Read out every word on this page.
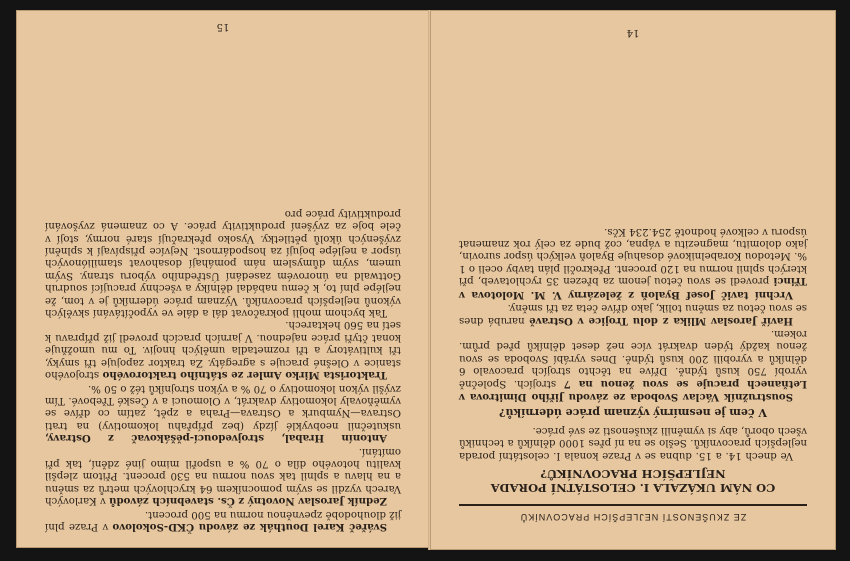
15

Svářeč Karel Douthák ze závodu ČKD-Sokolovo v Praze plní již dlouhodobě zpevněnou normu na 500 procent.

Zedník Jaroslav Novotný z Čs. stavebních závodů v Karlových Varech vyzdil se svým pomocníkem 64 krychlových metrů za směnu a na hlavu a splnil tak svou normu na 530 procent. Přitom zlepšil kvalitu hotového díla o 70 % a uspořil mimo jiné zdění, tak při omítání.

Antonín Hrabal, strojvedoucí-pěšákovač z Ostravy, uskutečnil neobvyklé jízdy (bez přípřahu lokomotivy) na trati Ostrava—Nymburk a Ostrava—Praha a zpět, zatím co dříve se vyměňovaly lokomotivy dvakrát, v Olomouci a v České Třebové. Tím zvýšil výkon lokomotivy o 70 % a výkon strojníků též o 50 %.

Traktorista Mirko Amler ze státního traktorového strojového stanice v Olešné pracuje s agregáty. Za traktor zapojuje tři smyky, tři kultivátory a tři rozmetadla umělých hnojiv. To mu umožňuje konat čtyři práce najednou. V jarních pracích provedl již přípravu k setí na 560 hektarech.

Tak bychom mohli pokračovat dál a dále ve vypočítávání skvělých výkonů nejlepších pracovníků. Význam práce úderníků je v tom, že nejlépe plní to, k čemu nabádal dělníky a všechny pracující soudruh Gottwald na únorovém zasedání Ústředního výboru strany. Svým umem, svým důmyslem nám pomáhají dosahovat stamiliónových úspor a nejlépe bojují za hospodárnost. Nejvíce přispívají k splnění zvýšených úkolů pětiletky. Vysoko překračují staré normy, stojí v čele boje za zvýšení produktivity práce. A co znamená zvyšování produktivity práce pro

ZE ZKUŠENOSTÍ NEJLEPŠÍCH PRACOVNÍKŮ
CO NÁM UKÁZALA I. CELOSTÁTNÍ PORADA NEJLEPŠÍCH PRACOVNÍKŮ?

Ve dnech 14. a 15. dubna se v Praze konala I. celostátní porada nejlepších pracovníků. Sešlo se na ní přes 1000 dělníků a techniků všech oborů, aby si vyměnili zkušenosti ze své práce.

V čem je nesmírný význam práce úderníků?

Soustružník Václav Svoboda ze závodu Jiřího Dimitrova v Letňanech pracuje se svou ženou na 7 strojích. Společně vyrobí 750 kusů týdně. Dříve na těchto strojích pracovalo 6 dělníků a vyrobili 200 kusů týdně. Dnes vyrábí Svoboda se svou ženou každý týden dvakrát více než deset dělníků před prům. rokem.

Havíř Jaroslav Mlika z dolu Trojice v Ostravě narubá dnes se svou četou za směnu tolik, jako dříve četa za tři směny.

Vrchní tavič Josef Byaloň z železárny V. M. Molotova v Třinci provedl se svou četou jenom za březen 35 rychlotaveb, při kterých splnil normu na 120 procent. Překročil plán tavby oceli o 1 %. Metodou Korabelnikové dosahuje Byaloň velkých úspor surovin, jako dolomitu, magnezitu a vápna, což bude za celý rok znamenat úsporu v celkové hodnotě 254.234 Kčs.

14
